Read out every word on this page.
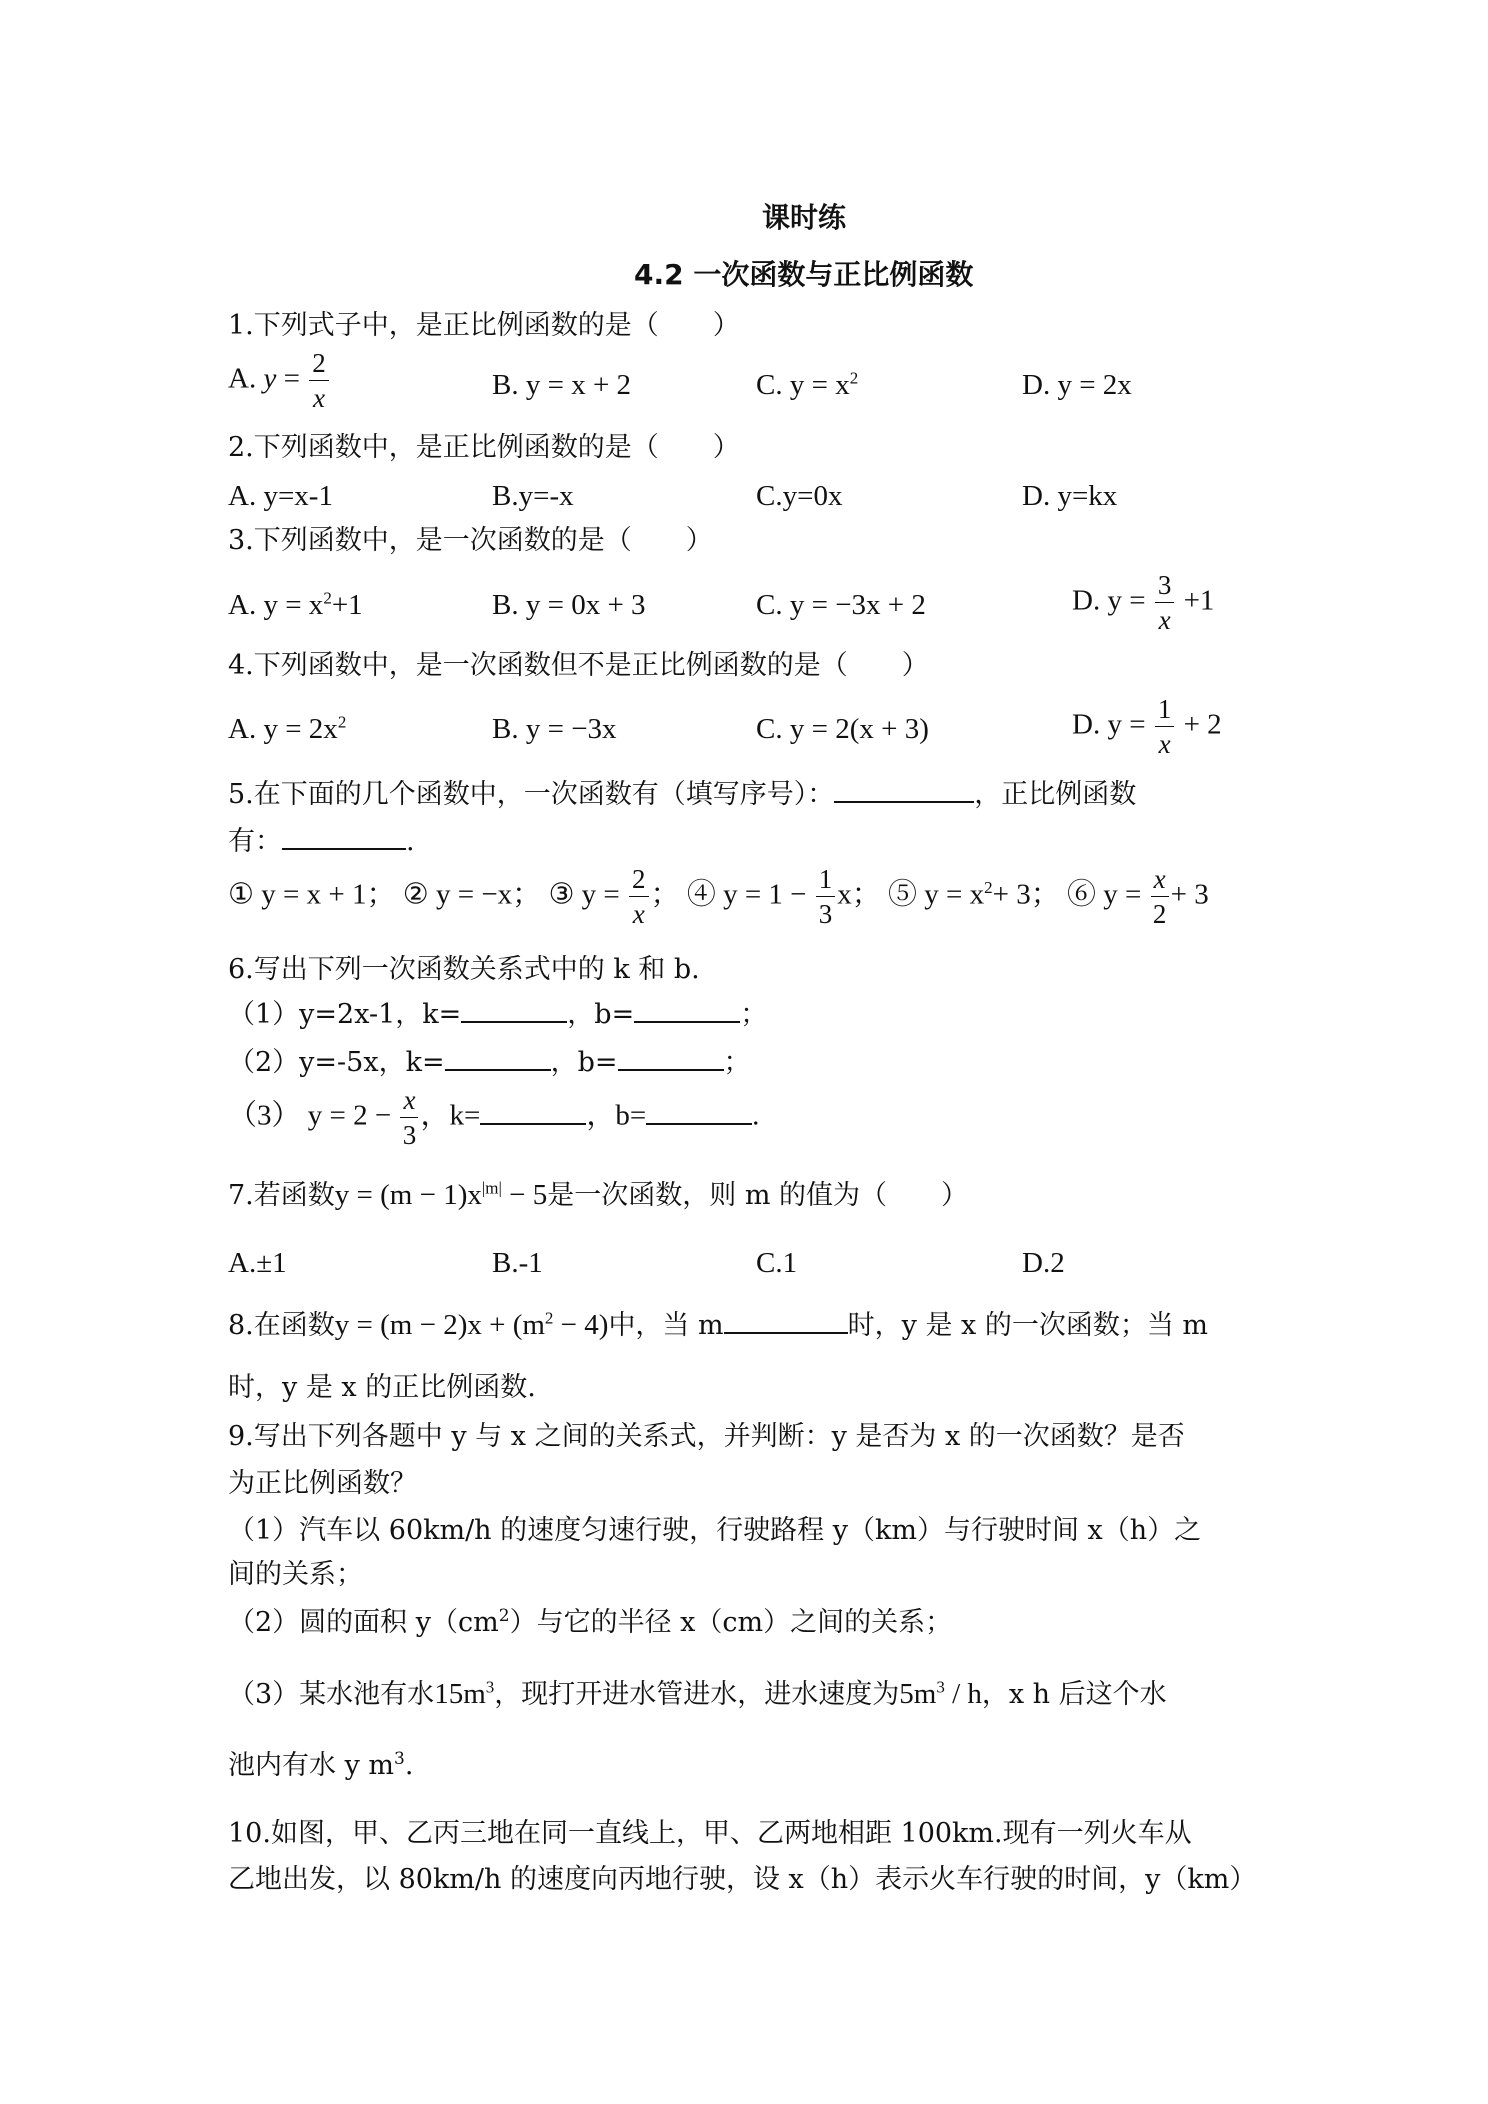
课时练
4.2 一次函数与正比例函数
1.下列式子中，是正比例函数的是（　　）
A. $y = \frac{2}{x}$	B. y = x + 2	C. $y = x^2$	D. y = 2x
2.下列函数中，是正比例函数的是（　　）
A. y=x-1	B.y=-x	C.y=0x	D. y=kx
3.下列函数中，是一次函数的是（　　）
A. $y = x^2+1$	B. y = 0x + 3	C. y = −3x + 2	D. $y = \frac{3}{x} +1$
4.下列函数中，是一次函数但不是正比例函数的是（　　）
A. $y = 2x^2$	B. y = −3x	C. y = 2(x + 3)	D. $y = \frac{1}{x} + 2$
5.在下面的几个函数中，一次函数有（填写序号）：	，正比例函数
有：	.
① y = x + 1； ② y = −x； ③ $y = \frac{2}{x}$ ； ④ $y = 1 - \frac{1}{3}$ x； ⑤ $y = x^2+ 3$； ⑥ $y = \frac{x}{2} + 3$
6.写出下列一次函数关系式中的 k 和 b.
（1）y=2x-1，k=	，b=	；
（2）y=-5x，k=	，b=	；
（3） $y = 2 - \frac{x}{3}$ ，k=	，b=	.
7.若函数$y = (m - 1)x^{|m|} - 5$是一次函数，则 m 的值为（　　）
A.±1	B.-1	C.1	D.2
8.在函数$y = (m - 2)x + (m^2 - 4)$中，当 m	时，y 是 x 的一次函数；当 m
时，y 是 x 的正比例函数.
9.写出下列各题中 y 与 x 之间的关系式，并判断：y 是否为 x 的一次函数？是否
为正比例函数？
（1）汽车以 60km/h 的速度匀速行驶，行驶路程 y（km）与行驶时间 x（h）之
间的关系；
（2）圆的面积 $y(cm^2)$与它的半径 x（cm）之间的关系；
（3）某水池有水$15m^3$，现打开进水管进水，进水速度为$5m^3$ / h，x h 后这个水
池内有水 y $m^3$.
10.如图，甲、乙丙三地在同一直线上，甲、乙两地相距 100km.现有一列火车从
乙地出发，以 80km/h 的速度向丙地行驶，设 x（h）表示火车行驶的时间，y（km）
